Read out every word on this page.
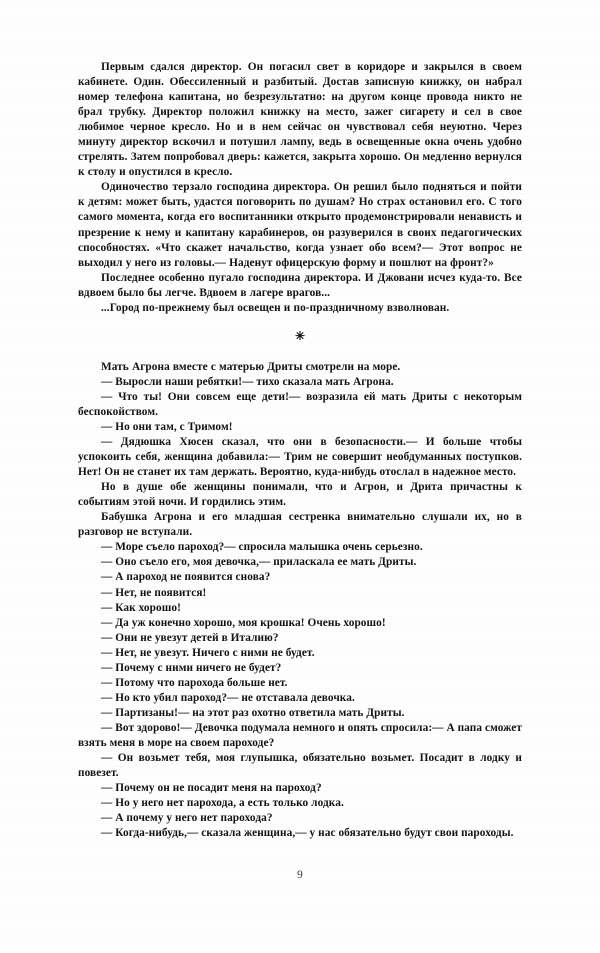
Первым сдался директор. Он погасил свет в коридоре и закрылся в своем кабинете. Один. Обессиленный и разбитый. Достав записную книжку, он набрал номер телефона капитана, но безрезультатно: на другом конце провода никто не брал трубку. Директор положил книжку на место, зажег сигарету и сел в свое любимое черное кресло. Но и в нем сейчас он чувствовал себя неуютно. Через минуту директор вскочил и потушил лампу, ведь в освещенные окна очень удобно стрелять. Затем попробовал дверь: кажется, закрыта хорошо. Он медленно вернулся к столу и опустился в кресло.

Одиночество терзало господина директора. Он решил было подняться и пойти к детям: может быть, удастся поговорить по душам? Но страх остановил его. С того самого момента, когда его воспитанники открыто продемонстрировали ненависть и презрение к нему и капитану карабинеров, он разуверился в своих педагогических способностях. «Что скажет начальство, когда узнает обо всем?— Этот вопрос не выходил у него из головы.— Наденут офицерскую форму и пошлют на фронт?»

Последнее особенно пугало господина директора. И Джовани исчез куда-то. Все вдвоем было бы легче. Вдвоем в лагере врагов...

...Город по-прежнему был освещен и по-праздничному взволнован.

✳

Мать Агрона вместе с матерью Дриты смотрели на море.

— Выросли наши ребятки!— тихо сказала мать Агрона.

— Что ты! Они совсем еще дети!— возразила ей мать Дриты с некоторым беспокойством.

— Но они там, с Тримом!

— Дядюшка Хюсен сказал, что они в безопасности.— И больше чтобы успокоить себя, женщина добавила:— Трим не совершит необдуманных поступков. Нет! Он не станет их там держать. Вероятно, куда-нибудь отослал в надежное место.

Но в душе обе женщины понимали, что и Агрон, и Дрита причастны к событиям этой ночи. И гордились этим.

Бабушка Агрона и его младшая сестренка внимательно слушали их, но в разговор не вступали.

— Море съело пароход?— спросила малышка очень серьезно.

— Оно съело его, моя девочка,— приласкала ее мать Дриты.

— А пароход не появится снова?

— Нет, не появится!

— Как хорошо!

— Да уж конечно хорошо, моя крошка! Очень хорошо!

— Они не увезут детей в Италию?

— Нет, не увезут. Ничего с ними не будет.

— Почему с ними ничего не будет?

— Потому что парохода больше нет.

— Но кто убил пароход?— не отставала девочка.

— Партизаны!— на этот раз охотно ответила мать Дриты.

— Вот здорово!— Девочка подумала немного и опять спросила:— А папа сможет взять меня в море на своем пароходе?

— Он возьмет тебя, моя глупышка, обязательно возьмет. Посадит в лодку и повезет.

— Почему он не посадит меня на пароход?

— Но у него нет парохода, а есть только лодка.

— А почему у него нет парохода?

— Когда-нибудь,— сказала женщина,— у нас обязательно будут свои пароходы.

9
